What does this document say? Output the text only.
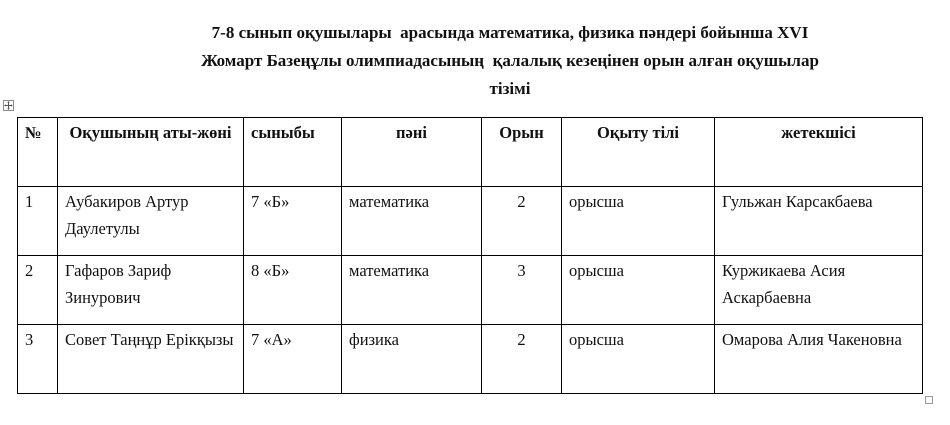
7-8 сынып оқушылары  арасында математика, физика пәндері бойынша XVI
Жомарт Базеңұлы олимпиадасының  қалалық кезеңінен орын алған оқушылар
тізімі
№	Оқушының аты-жөні	сыныбы	пәні	Орын	Оқыту тілі	жетекшісі
1	Аубакиров Артур Даулетулы	7 «Б»	математика	2	орысша	Гульжан Карсакбаева
2	Гафаров Зариф Зинурович	8 «Б»	математика	3	орысша	Куржикаева Асия Аскарбаевна
3	Совет Таңнұр Ерікқызы	7 «А»	физика	2	орысша	Омарова Алия Чакеновна
